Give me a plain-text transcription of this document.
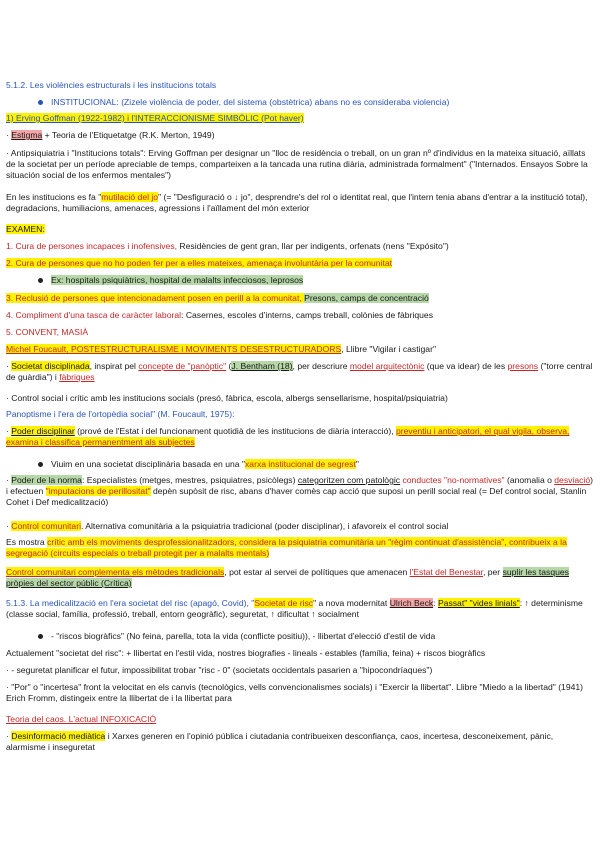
5.1.2. Les violències estructurals i les institucions totals
INSTITUCIONAL: (Zizele violència de poder, del sistema (obstètrica) abans no es consideraba violencia)
1) Erving Goffman (1922-1982) i l'INTERACCIONISME SIMBÒLIC (Pot haver)
· Estigma + Teoria de l'Etiquetatge (R.K. Merton, 1949)
· Antipsiquiatria i "Institucions totals": Erving Goffman per designar un "lloc de residència o treball, on un gran nº d'individus en la mateixa situació, aïllats de la societat per un període apreciable de temps, comparteixen a la tancada una rutina diària, administrada formalment" ("Internados. Ensayos Sobre la situación social de los enfermos mentales")
En les institucions es fa "mutilació del jo" (= "Desfiguració o ↓ jo", desprendre's del rol o identitat real, que l'intern tenia abans d'entrar a la institució total), degradacions, humiliacions, amenaces, agressions i l'aïllament del món exterior
EXAMEN:
1. Cura de persones incapaces i inofensives, Residències de gent gran, llar per indigents, orfenats (nens "Expósito")
2. Cura de persones que no ho poden fer per a elles mateixes, amenaça involuntària per la comunitat
Ex: hospitals psiquiàtrics, hospital de malalts infecciosos, leprosos
3. Reclusió de persones que intencionadament posen en perill a la comunitat, Presons, camps de concentració
4. Compliment d'una tasca de caràcter laboral: Casernes, escoles d'interns, camps treball, colònies de fàbriques
5. CONVENT, MASIÀ
Michel Foucault, POSTESTRUCTURALISME i MOVIMENTS DESESTRUCTURADORS, Llibre "Vigilar i castigar"
· Societat disciplinada, inspirat pel concepte de "panòptic" (J. Bentham (18), per descriure model arquitectònic (que va idear) de les presons ("torre central de guàrdia") i fàbriques
· Control social i crític amb les institucions socials (presó, fàbrica, escola, albergs sensellarisme, hospital/psiquiatria)
Panoptisme i l'era de l'ortopèdia social" (M. Foucault, 1975):
· Poder disciplinar (prové de l'Estat i del funcionament quotidià de les institucions de diària interacció), preventiu i anticipatori, el qual vigila, observa, examina i classifica permanentment als subjectes
Viuim en una societat disciplinària basada en una "xarxa institucional de segrest"
· Poder de la norma: Especialistes (metges, mestres, psiquiatres, psicòlegs) categoritzen com patològic conductes "no-normatives" (anomalia o desviació) i efectuen "imputacions de perillositat" depèn supòsit de risc, abans d'haver comès cap acció que suposi un perill social real (= Def control social, Stanlin Cohet i Def medicalització)
· Control comunitari. Alternativa comunitària a la psiquiatria tradicional (poder disciplinar), i afavoreix el control social
Es mostra crític amb els moviments desprofessionalitzadors, considera la psiquiatria comunitària un "règim continuat d'assistència", contribueix a la segregació (circuits especials o treball protegit per a malalts mentals)
Control comunitari complementa els mètodes tradicionals, pot estar al servei de polítiques que amenacen l'Estat del Benestar, per suplir les tasques pròpies del sector públic (Crítica)
5.1.3. La medicalització en l'era societat del risc (apagó, Covid), "Societat de risc" a nova modernitat Ulrich Beck: Passat" "vides linials": ↑ determinisme (classe social, família, professió, treball, entorn geogràfic), seguretat, ↑ dificultat ↑ socialment
- "riscos biogràfics" (No feina, parella, tota la vida (conflicte positiu)), - llibertat d'elecció d'estil de vida
Actualement "societat del risc": + llibertat en l'estil vida, nostres biografies - lineals - estables (família, feina) + riscos biogràfics
· - seguretat planificar el futur, impossibilitat trobar "risc - 0" (societats occidentals pasarien a "hipocondríaques")
· "Por" o "incertesa" front la velocitat en els canvis (tecnològics, vells convencionalismes socials) i "Exercir la llibertat". Llibre "Miedo a la libertad" (1941) Erich Fromm, distingeix entre la llibertat de i la llibertat para
Teoria del caos. L'actual INFOXICACIÓ
· Desinformació mediàtica i Xarxes generen en l'opinió pública i ciutadania contribueixen desconfiança, caos, incertesa, desconeixement, pànic, alarmisme i inseguretat
